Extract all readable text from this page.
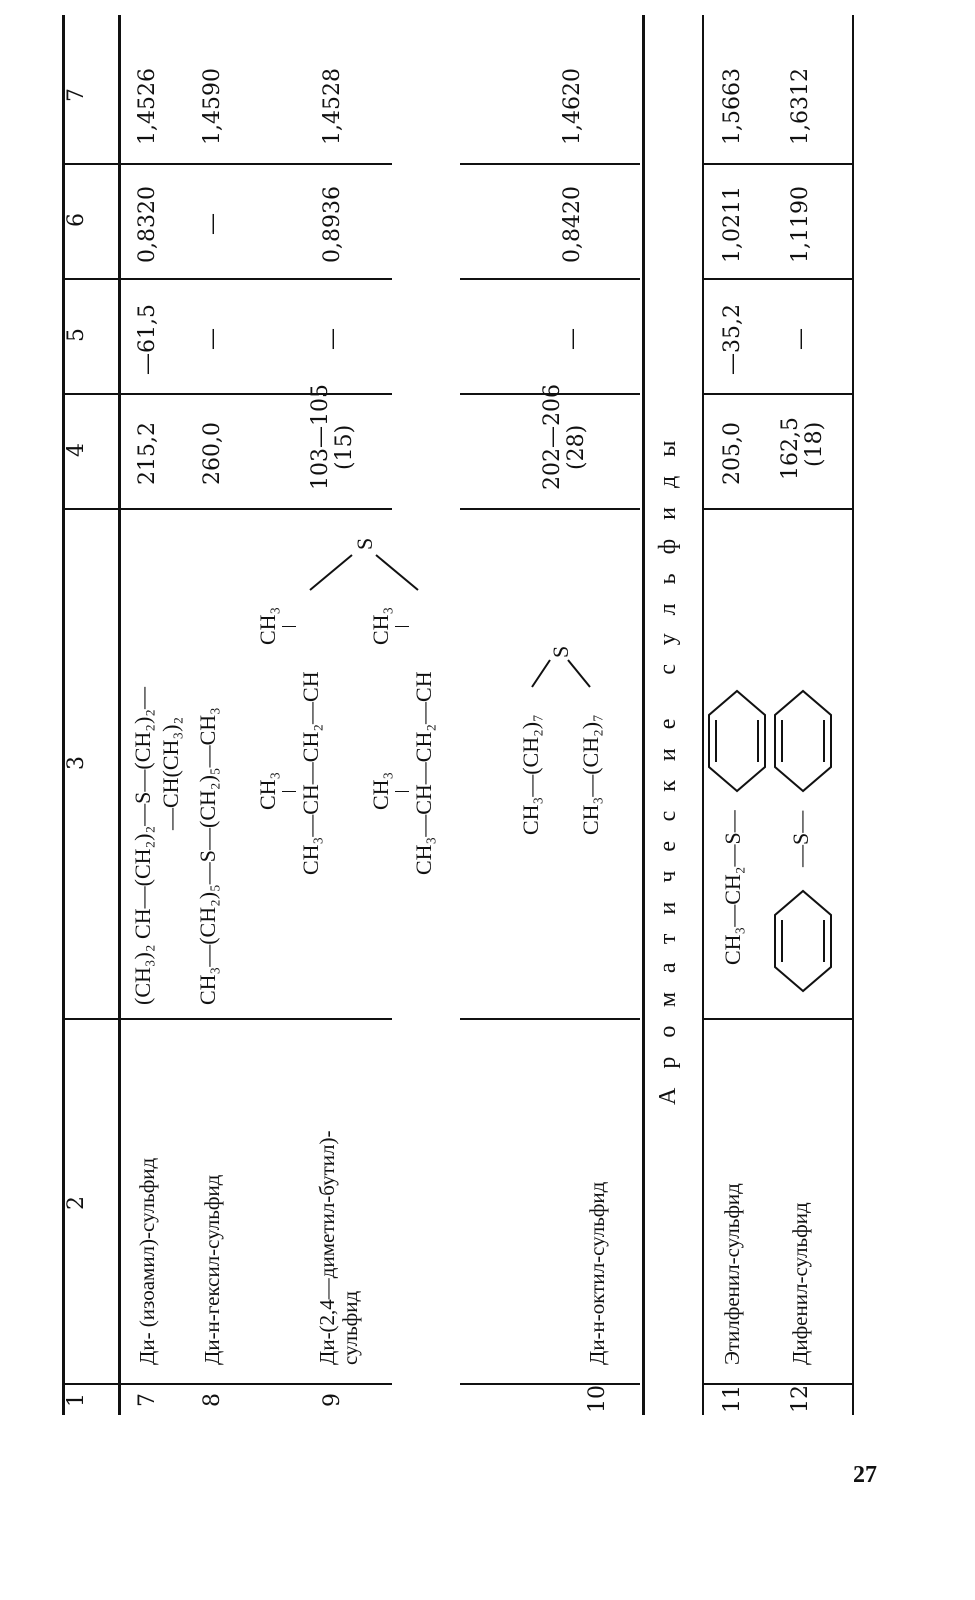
1
2
3
4
5
6
7
7
Ди- (изоамил)-сульфид
(CH₃)₂ CH—(CH₂)₂—S—(CH₂)₂— —CH(CH₃)₂
215,2
—61,5
0,8320
1,4526
8
Ди-н-гексил-сульфид
CH₃—(CH₂)₅—S—(CH₂)₅—CH₃
260,0
—
—
1,4590
9
Ди-(2,4—диметил-бутил)- сульфид
CH₃
CH₃
CH₃—CH—CH₂—CH CH₃
CH₃
CH₃—CH—CH₂—CH
S
103—105 (15)
—
0,8936
1,4528
10
Ди-н-октил-сульфид
CH₃—(CH₂)₇ CH₃—(CH₂)₇
S
202—206 (28)
—
0,8420
1,4620
Ароматические сульфиды
11
Этилфенил-сульфид
CH₃—CH₂—S—
205,0
—35,2
1,0211
1,5663
12
Дифенил-сульфид
—S—
162,5 (18)
—
1,1190
1,6312
27
